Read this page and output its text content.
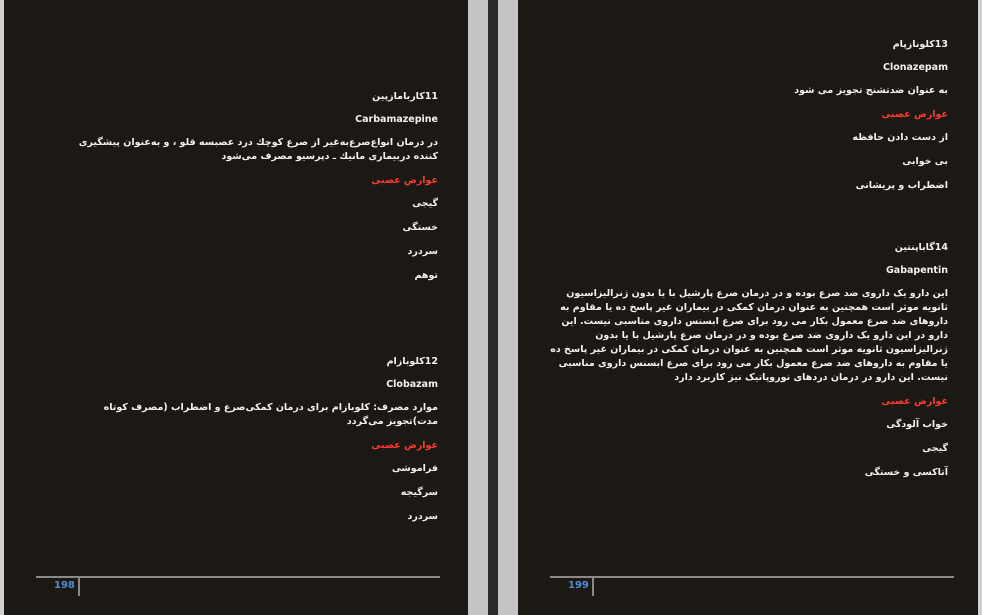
11کاربامازپین

Carbamazepine

در درمان انواع‌صرع‌به‌غیر از صرع کوچك درد عصبسه قلو ، و به‌عنوان پیشگیری كننده دربیماری مانیك ـ دپرسیو مصرف می‌شود

عوارض عصبی

گیجی

خستگی

سردرد

توهم

12کلوبازام

Clobazam

موارد مصرف: کلوبازام برای درمان کمکی‌صرع و اضطراب (مصرف کوتاه مدت)تجویز می‌گردد

عوارض عصبی

فراموشی

سرگیجه

سردرد

198

13کلونازپام

Clonazepam

به عنوان ضدتشنج تجویز می شود

عوارض عصبی

از دست دادن حافظه

بی خوابی

اضطراب و پریشانی

14گاباپنتین

Gabapentin

این دارو یک داروی ضد صرع بوده و در درمان صرع پارشیل با یا بدون ژنرالیزاسیون ثانویه موثر است همچنین به عنوان درمان کمکی در بیماران غیر پاسخ ده یا مقاوم به داروهای ضد صرع معمول بکار می رود برای صرع ابسنس داروی مناسبی نیست. این دارو در این دارو یک داروی ضد صرع بوده و در درمان صرع پارشیل با یا بدون ژنرالیزاسیون ثانویه موثر است همچنین به عنوان درمان کمکی در بیماران غیر پاسخ ده یا مقاوم به داروهای ضد صرع معمول بکار می رود برای صرع ابسنس داروی مناسبی نیست. این دارو در درمان دردهای نوروپاتیک نیز کاربرد دارد

عوارض عصبی

خواب آلودگی

گیجی

آتاکسی و خستگی

199
